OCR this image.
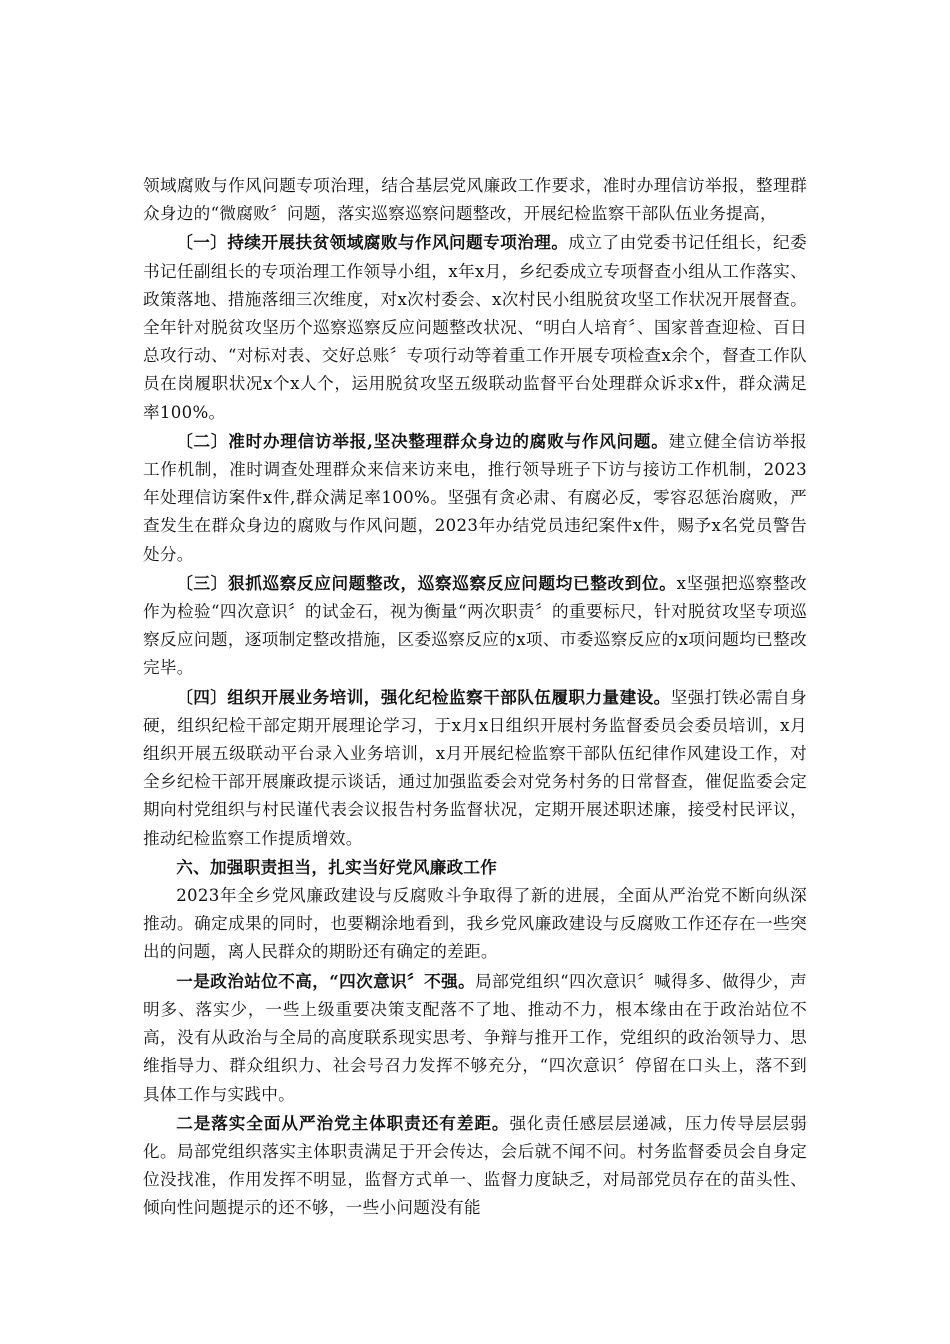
领域腐败与作风问题专项治理，结合基层党风廉政工作要求，准时办理信访举报，整理群众身边的“微腐败〞问题，落实巡察巡察问题整改，开展纪检监察干部队伍业务提高，

〔一〕持续开展扶贫领域腐败与作风问题专项治理。成立了由党委书记任组长，纪委书记任副组长的专项治理工作领导小组，x年x月，乡纪委成立专项督查小组从工作落实、政策落地、措施落细三次维度，对x次村委会、x次村民小组脱贫攻坚工作状况开展督查。全年针对脱贫攻坚历个巡察巡察反应问题整改状况、“明白人培育〞、国家普查迎检、百日总攻行动、“对标对表、交好总账〞专项行动等着重工作开展专项检查x余个，督查工作队员在岗履职状况x个x人个，运用脱贫攻坚五级联动监督平台处理群众诉求x件，群众满足率100%。

〔二〕准时办理信访举报,坚决整理群众身边的腐败与作风问题。建立健全信访举报工作机制，准时调查处理群众来信来访来电，推行领导班子下访与接访工作机制，2023年处理信访案件x件,群众满足率100%。坚强有贪必肃、有腐必反，零容忍惩治腐败，严查发生在群众身边的腐败与作风问题，2023年办结党员违纪案件x件，赐予x名党员警告处分。

〔三〕狠抓巡察反应问题整改，巡察巡察反应问题均已整改到位。x坚强把巡察整改作为检验“四次意识〞的试金石，视为衡量“两次职责〞的重要标尺，针对脱贫攻坚专项巡察反应问题，逐项制定整改措施，区委巡察反应的x项、市委巡察反应的x项问题均已整改完毕。

〔四〕组织开展业务培训，强化纪检监察干部队伍履职力量建设。坚强打铁必需自身硬，组织纪检干部定期开展理论学习，于x月x日组织开展村务监督委员会委员培训，x月组织开展五级联动平台录入业务培训，x月开展纪检监察干部队伍纪律作风建设工作，对全乡纪检干部开展廉政提示谈话，通过加强监委会对党务村务的日常督查，催促监委会定期向村党组织与村民谨代表会议报告村务监督状况，定期开展述职述廉，接受村民评议，推动纪检监察工作提质增效。

六、加强职责担当，扎实当好党风廉政工作

2023年全乡党风廉政建设与反腐败斗争取得了新的进展，全面从严治党不断向纵深推动。确定成果的同时，也要糊涂地看到，我乡党风廉政建设与反腐败工作还存在一些突出的问题，离人民群众的期盼还有确定的差距。

一是政治站位不高，“四次意识〞不强。局部党组织“四次意识〞喊得多、做得少，声明多、落实少，一些上级重要决策支配落不了地、推动不力，根本缘由在于政治站位不高，没有从政治与全局的高度联系现实思考、争辩与推开工作，党组织的政治领导力、思维指导力、群众组织力、社会号召力发挥不够充分，“四次意识〞停留在口头上，落不到具体工作与实践中。

二是落实全面从严治党主体职责还有差距。强化责任感层层递减，压力传导层层弱化。局部党组织落实主体职责满足于开会传达，会后就不闻不问。村务监督委员会自身定位没找准，作用发挥不明显，监督方式单一、监督力度缺乏，对局部党员存在的苗头性、倾向性问题提示的还不够，一些小问题没有能
